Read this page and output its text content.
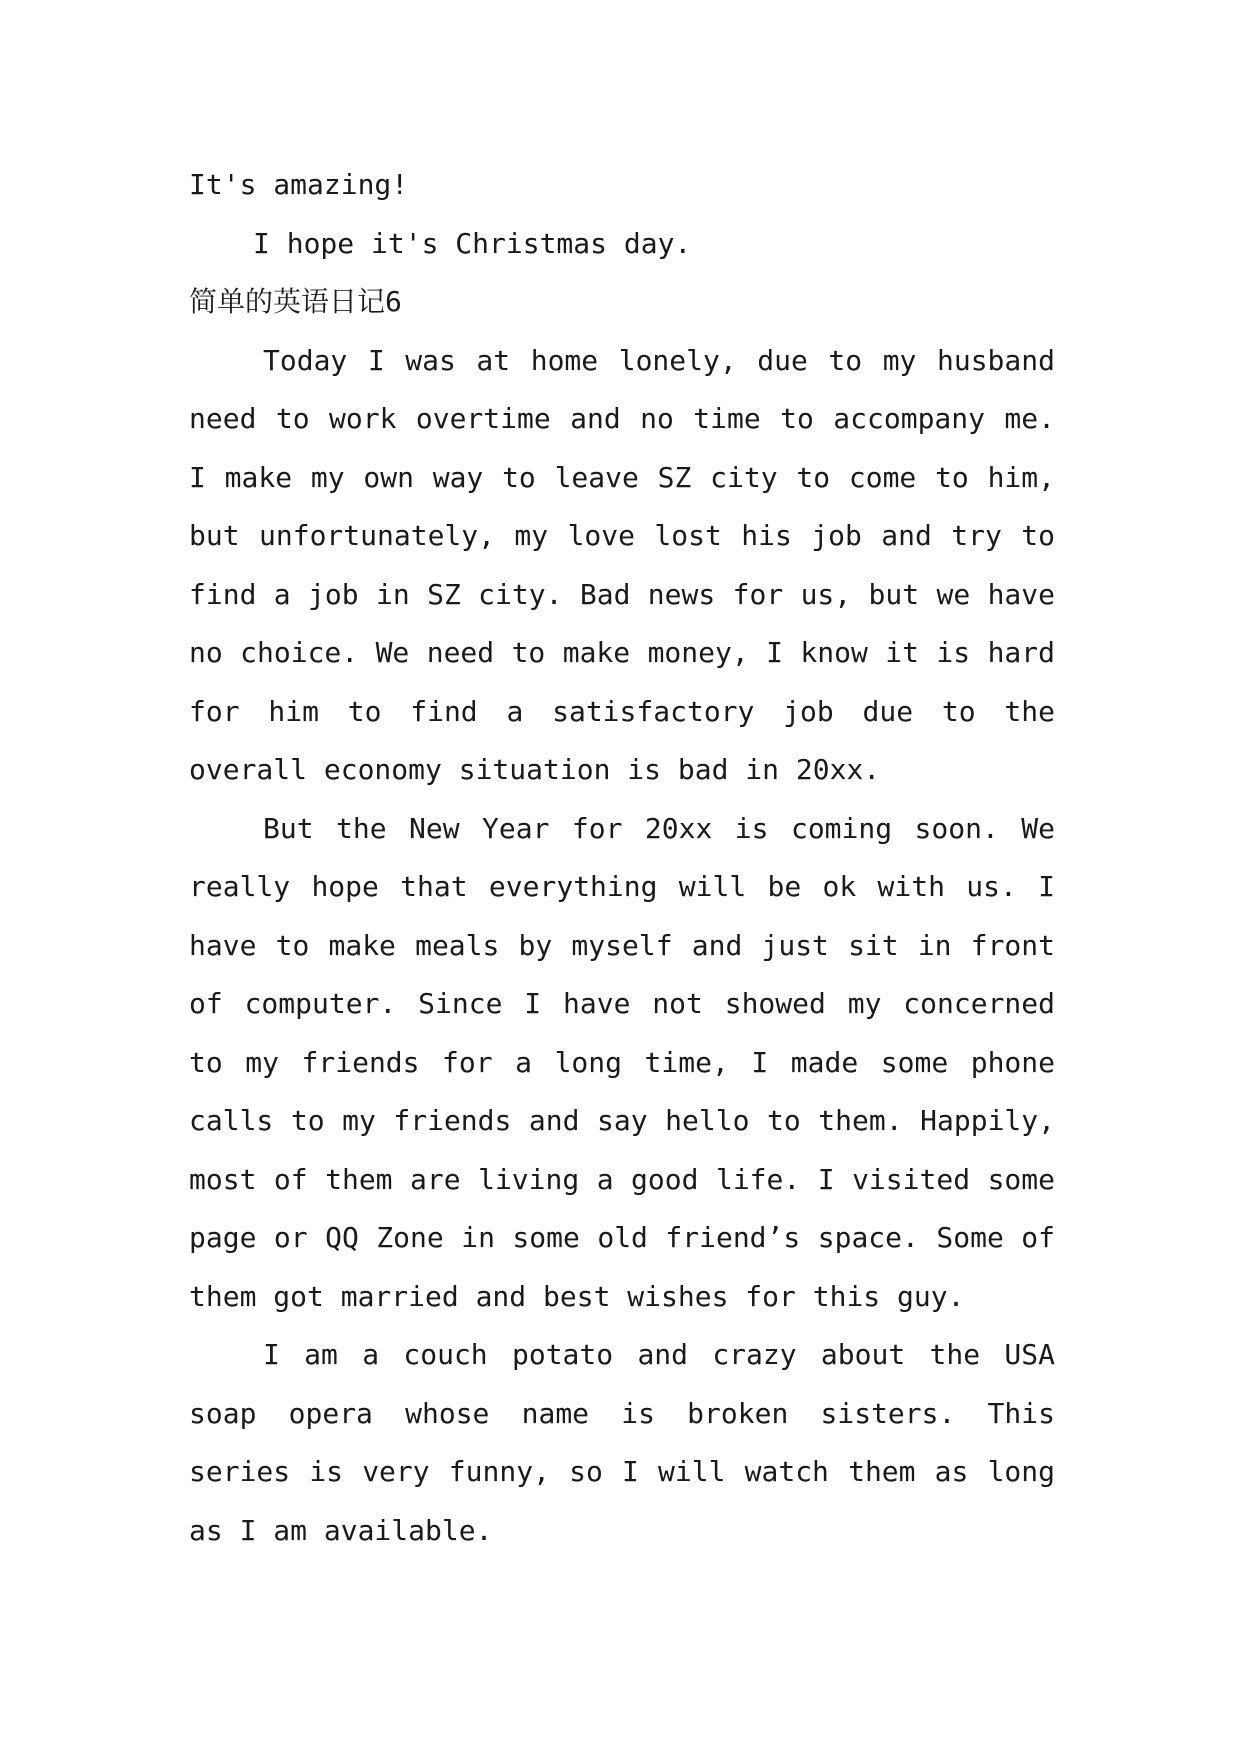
It's amazing!

I hope it's Christmas day.

简单的英语日记6

Today I was at home lonely, due to my husband need to work overtime and no time to accompany me. I make my own way to leave SZ city to come to him, but unfortunately, my love lost his job and try to find a job in SZ city. Bad news for us, but we have no choice. We need to make money, I know it is hard for him to find a satisfactory job due to the overall economy situation is bad in 20xx.

But the New Year for 20xx is coming soon. We really hope that everything will be ok with us. I have to make meals by myself and just sit in front of computer. Since I have not showed my concerned to my friends for a long time, I made some phone calls to my friends and say hello to them. Happily, most of them are living a good life. I visited some page or QQ Zone in some old friend’s space. Some of them got married and best wishes for this guy.

I am a couch potato and crazy about the USA soap opera whose name is broken sisters. This series is very funny, so I will watch them as long as I am available.
